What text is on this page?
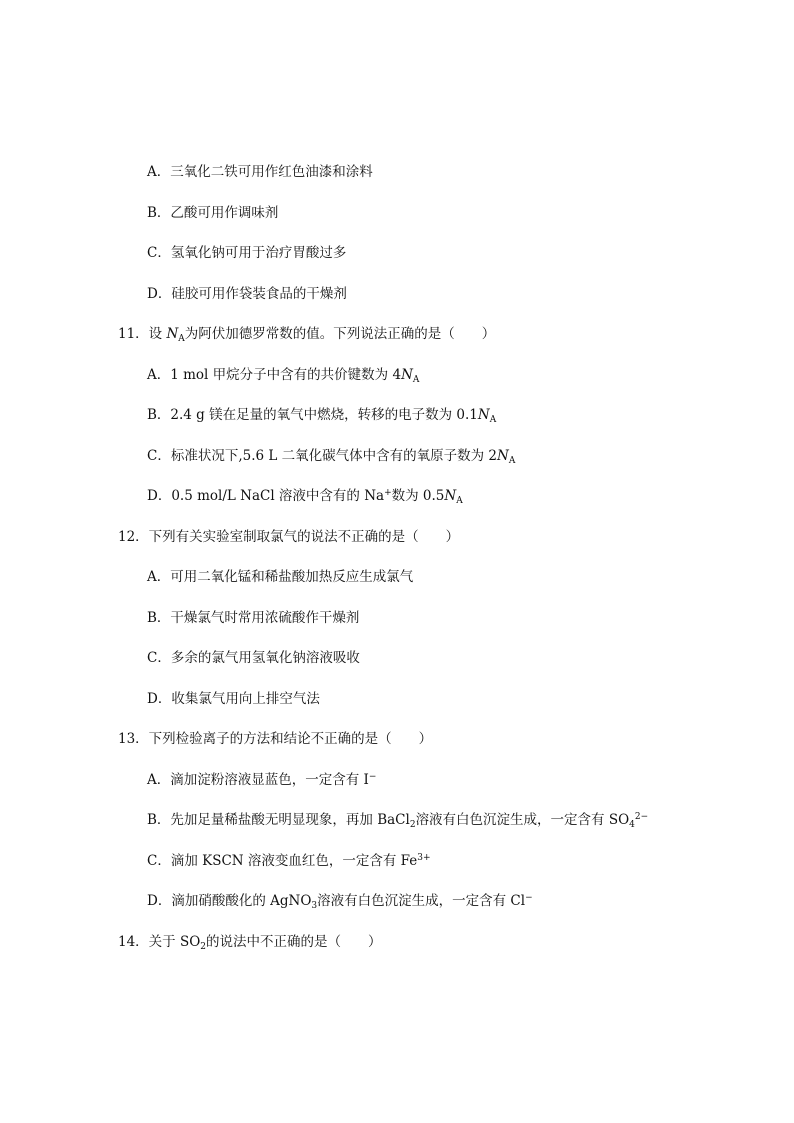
A．三氧化二铁可用作红色油漆和涂料
B．乙酸可用作调味剂
C．氢氧化钠可用于治疗胃酸过多
D．硅胶可用作袋装食品的干燥剂
11．设 $N_A$为阿伏加德罗常数的值。下列说法正确的是（　　）
A．1 mol 甲烷分子中含有的共价键数为 $4N_A$
B．2.4 g 镁在足量的氧气中燃烧，转移的电子数为 $0.1N_A$
C．标准状况下,5.6 L 二氧化碳气体中含有的氧原子数为 $2N_A$
D．0.5 mol/L NaCl 溶液中含有的 Na+数为 $0.5N_A$
12．下列有关实验室制取氯气的说法不正确的是（　　）
A．可用二氧化锰和稀盐酸加热反应生成氯气
B．干燥氯气时常用浓硫酸作干燥剂
C．多余的氯气用氢氧化钠溶液吸收
D．收集氯气用向上排空气法
13．下列检验离子的方法和结论不正确的是（　　）
A．滴加淀粉溶液显蓝色，一定含有 I−
B．先加足量稀盐酸无明显现象，再加 BaCl$_2$溶液有白色沉淀生成，一定含有 $SO_4^{2-}$
C．滴加 KSCN 溶液变血红色，一定含有 $Fe^{3+}$
D．滴加硝酸酸化的 AgNO$_3$溶液有白色沉淀生成，一定含有 Cl−
14．关于 $SO_2$的说法中不正确的是（　　）
